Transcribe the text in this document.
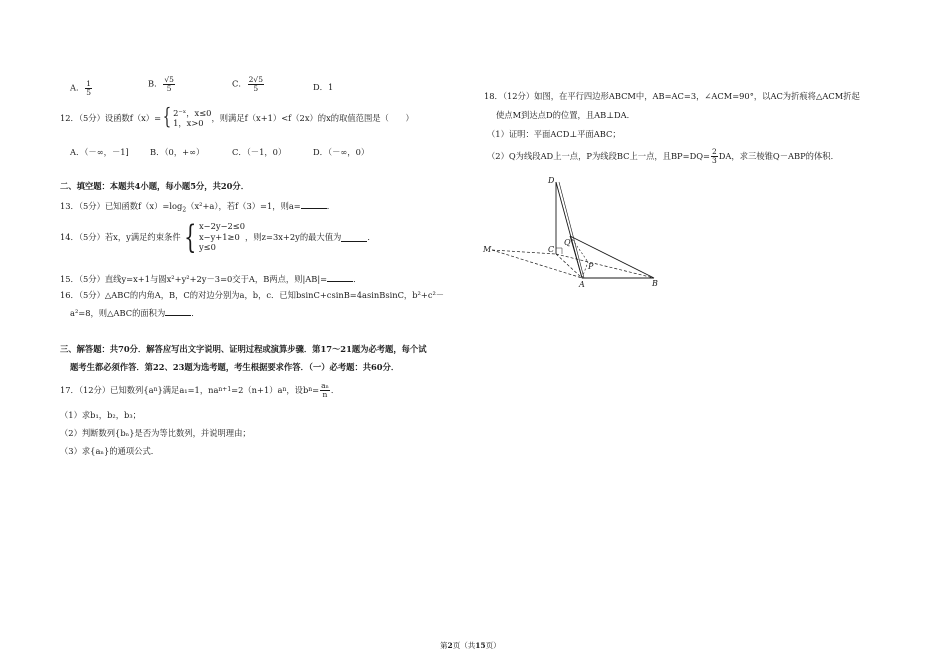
A． $\frac{1}{5}$	B． $\frac{√5}{5}$	C． $\frac{2√5}{5}$	D．1
12．（5分）设函数f（x）= { 2⁻ˣ，x≤0
1，x>0
，则满足f（x+1）<f（2x）的x的取值范围是（　　）
A．（－∞，－1]	B．（0，+∞）	C．（－1，0）	D．（－∞，0）
二、填空题：本题共4小题，每小题5分，共20分．
13．（5分）已知函数$f(x)=\log_2(x^2+a)$，若f（3）=1，则a=	．
14．（5分）若x，y满足约束条件 { x−2y−2≤0
x−y+1≥0
y≤0
，则z=3x+2y的最大值为	．
15．（5分）直线y=x+1与圆x²+y²+2y－3=0交于A，B两点，则|AB|=	．
16．（5分）△ABC的内角A，B，C的对边分别为a，b，c．已知bsinC+csinB=4asinBsinC，b²+c²－
a²=8，则△ABC的面积为	．
三、解答题：共70分．解答应写出文字说明、证明过程或演算步骤．第17～21题为必考题，每个试
题考生都必须作答．第22、23题为选考题，考生根据要求作答．（一）必考题：共60分．
17．（12分）已知数列{a n }满足a₁=1，na n+1 =2（n+1）a n ，设b $n = \frac{\text{aₙ}}{n}$ ．
（1）求b₁，b₂，b₃；
（2）判断数列{bₙ}是否为等比数列，并说明理由；
（3）求{aₙ}的通项公式．
18．（12分）如图，在平行四边形ABCM中，AB=AC=3，∠ACM=90°，以AC为折痕将△ACM折起
使点M到达点D的位置，且AB⊥DA．
（1）证明：平面ACD⊥平面ABC；
（2）Q为线段AD上一点，P为线段BC上一点，且$BP=DQ= \frac{2}{3}$ DA，求三棱锥Q－ABP的体积．
D
C
Q
M
P
A	B
第2页（共15页）
